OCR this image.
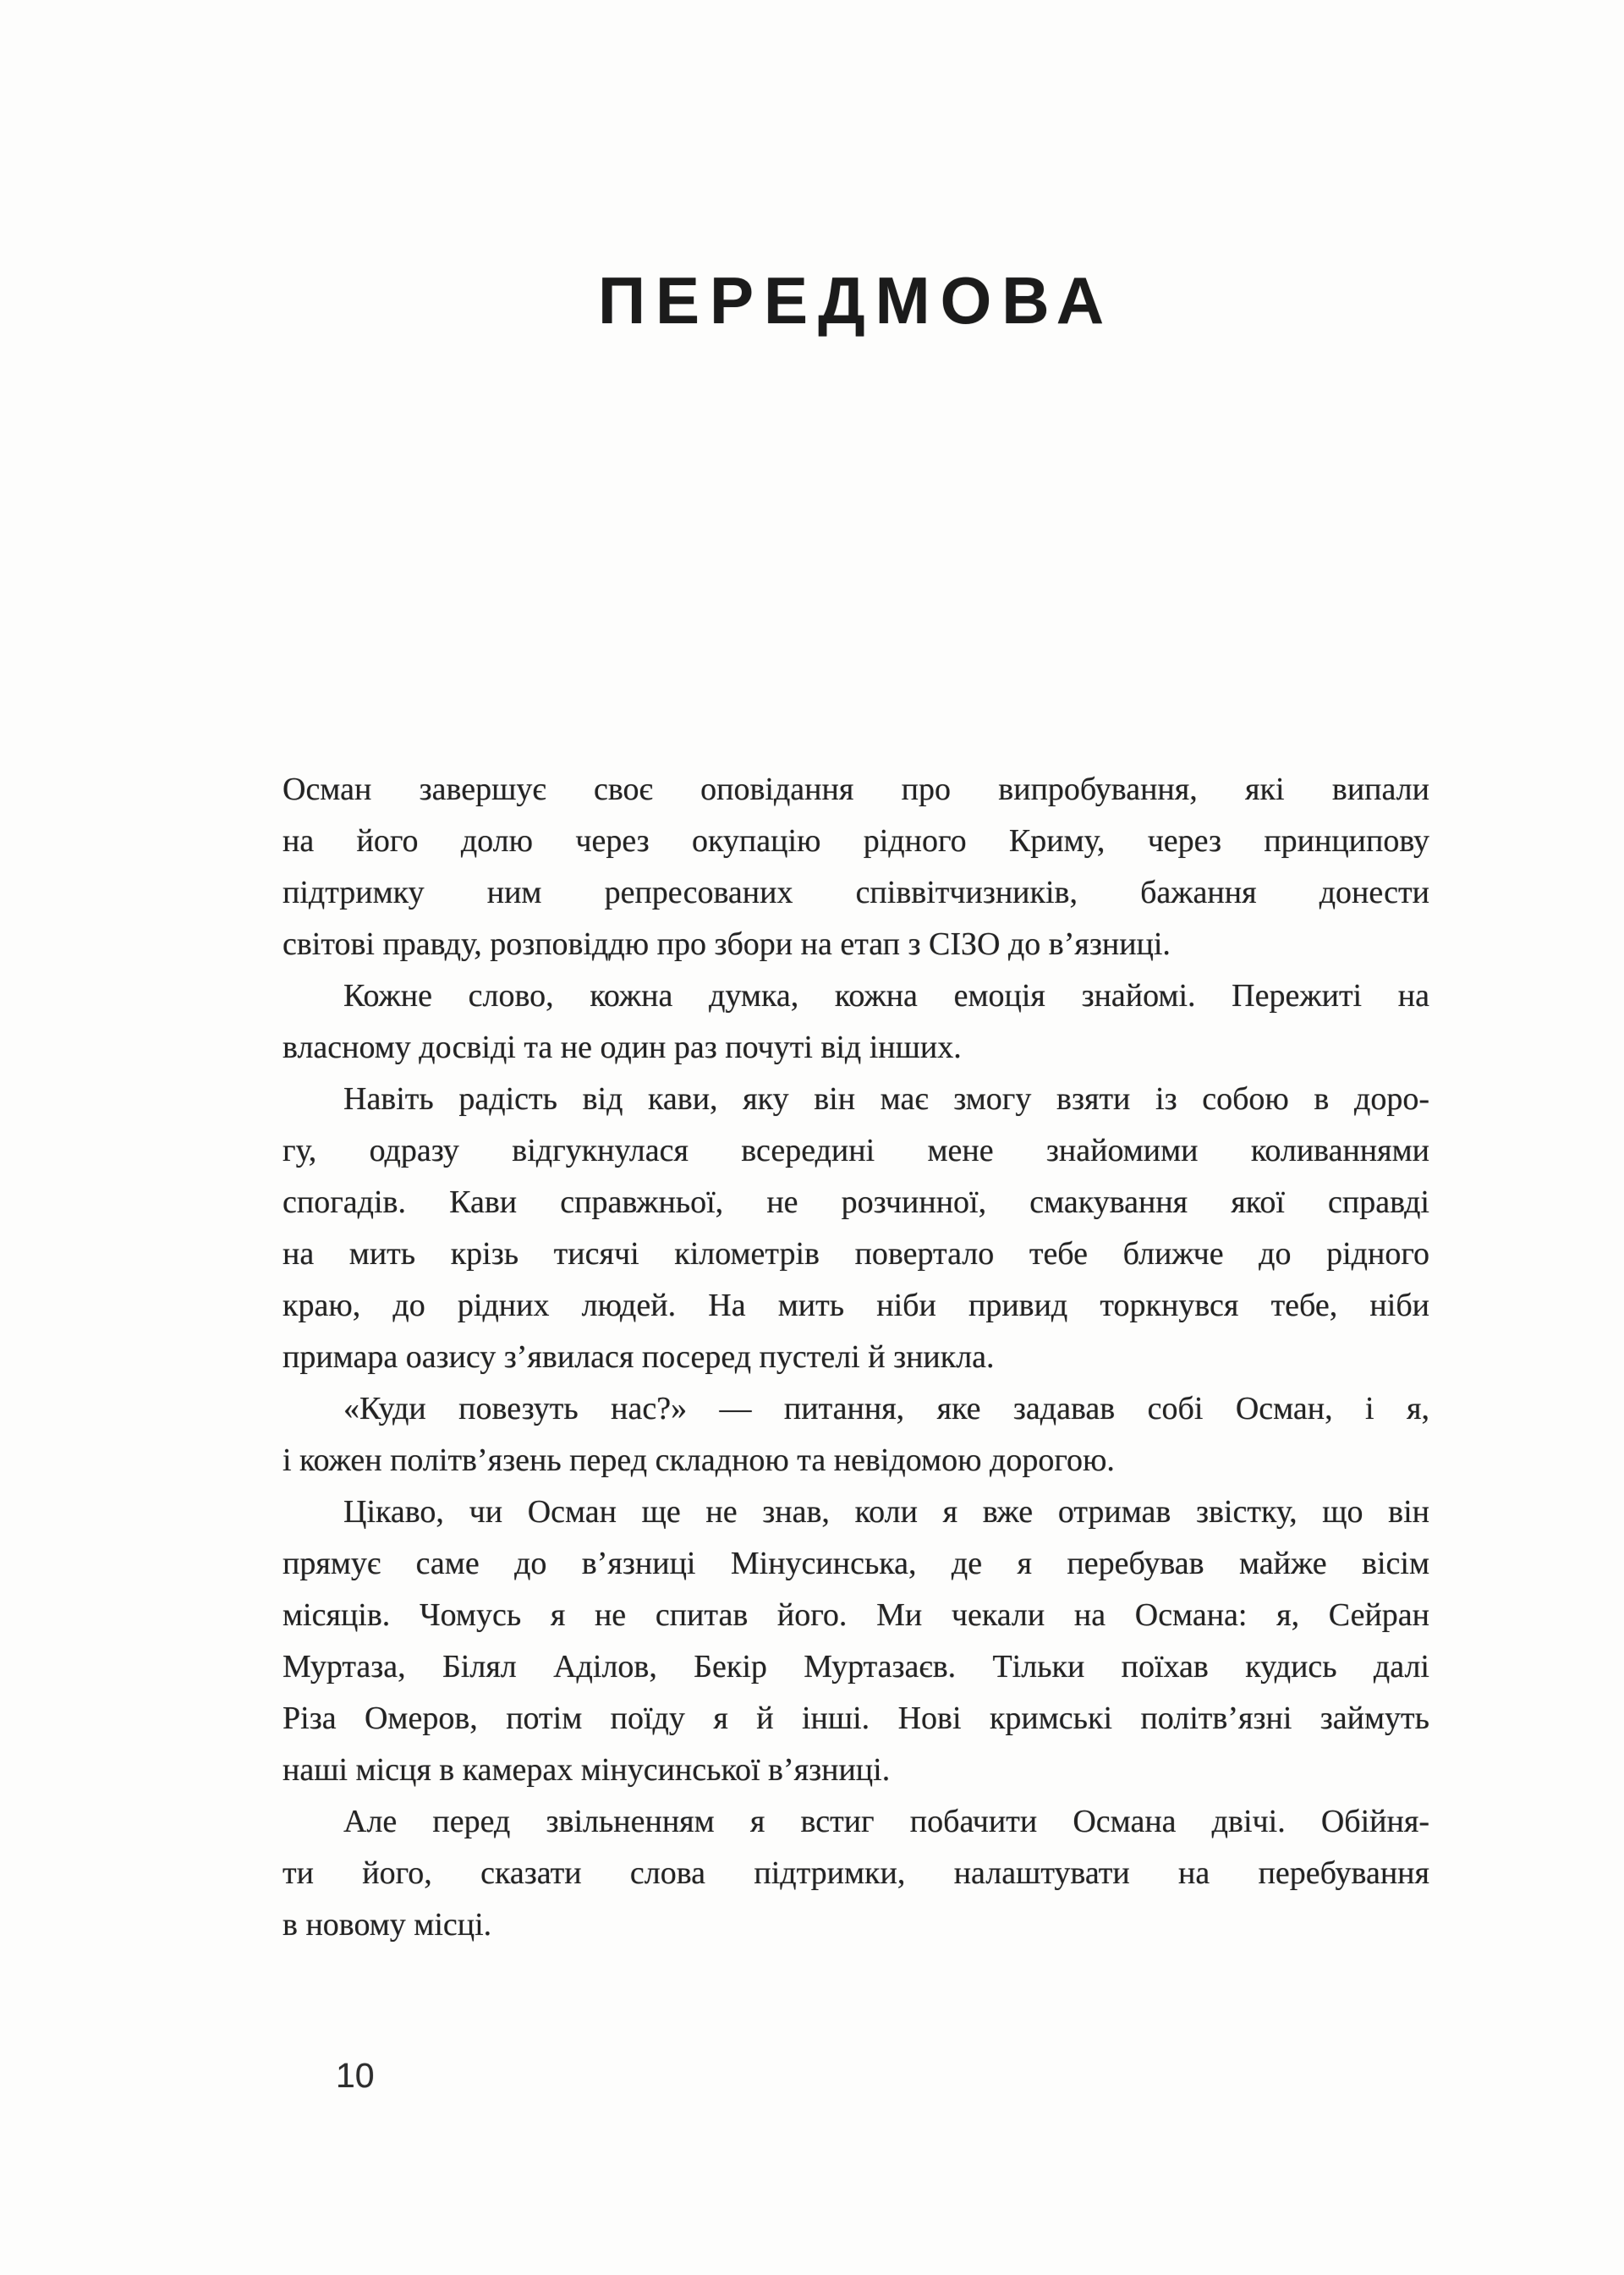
ПЕРЕДМОВА
Осман завершує своє оповідання про випробування, які випали
на його долю через окупацію рідного Криму, через принципову
підтримку ним репресованих співвітчизників, бажання донести
світові правду, розповіддю про збори на етап з СІЗО до в’язниці.
Кожне слово, кожна думка, кожна емоція знайомі. Пережиті на
власному досвіді та не один раз почуті від інших.
Навіть радість від кави, яку він має змогу взяти із собою в доро-
гу, одразу відгукнулася всередині мене знайомими коливаннями
спогадів. Кави справжньої, не розчинної, смакування якої справді
на мить крізь тисячі кілометрів повертало тебе ближче до рідного
краю, до рідних людей. На мить ніби привид торкнувся тебе, ніби
примара оазису з’явилася посеред пустелі й зникла.
«Куди повезуть нас?» — питання, яке задавав собі Осман, і я,
і кожен політв’язень перед складною та невідомою дорогою.
Цікаво, чи Осман ще не знав, коли я вже отримав звістку, що він
прямує саме до в’язниці Мінусинська, де я перебував майже вісім
місяців. Чомусь я не спитав його. Ми чекали на Османа: я, Сейран
Муртаза, Білял Аділов, Бекір Муртазаєв. Тільки поїхав кудись далі
Різа Омеров, потім поїду я й інші. Нові кримські політв’язні займуть
наші місця в камерах мінусинської в’язниці.
Але перед звільненням я встиг побачити Османа двічі. Обійня-
ти його, сказати слова підтримки, налаштувати на перебування
в новому місці.
10
